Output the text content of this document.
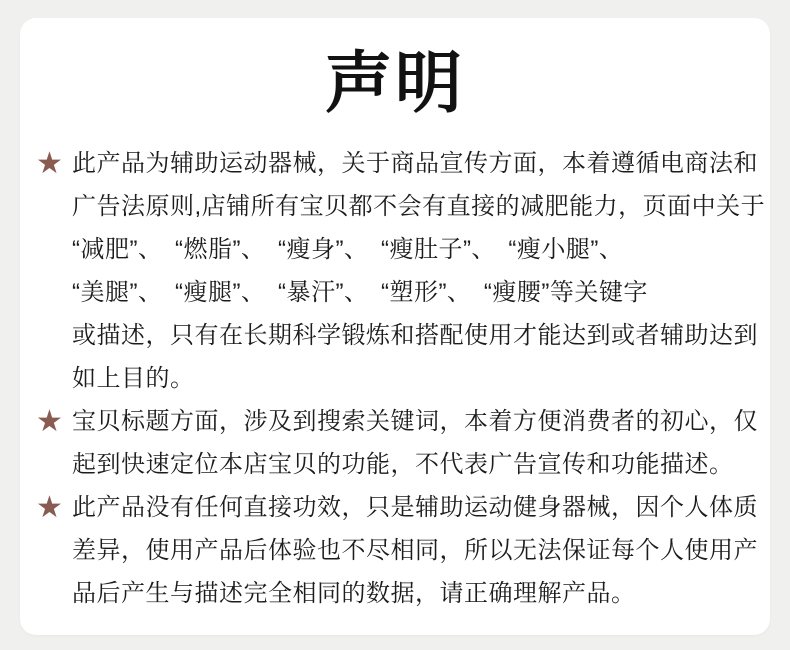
声明
★ 此产品为辅助运动器械，关于商品宣传方面，本着遵循电商法和
广告法原则,店铺所有宝贝都不会有直接的减肥能力，页面中关于
“减肥”、　“燃脂”、　“瘦身”、　“瘦肚子”、　“瘦小腿”、
“美腿”、　“瘦腿”、　“暴汗”、　“塑形”、　“瘦腰”等关键字
或描述，只有在长期科学锻炼和搭配使用才能达到或者辅助达到
如上目的。
★ 宝贝标题方面，涉及到搜索关键词，本着方便消费者的初心，仅
起到快速定位本店宝贝的功能，不代表广告宣传和功能描述。
★ 此产品没有任何直接功效，只是辅助运动健身器械，因个人体质
差异，使用产品后体验也不尽相同，所以无法保证每个人使用产
品后产生与描述完全相同的数据，请正确理解产品。
